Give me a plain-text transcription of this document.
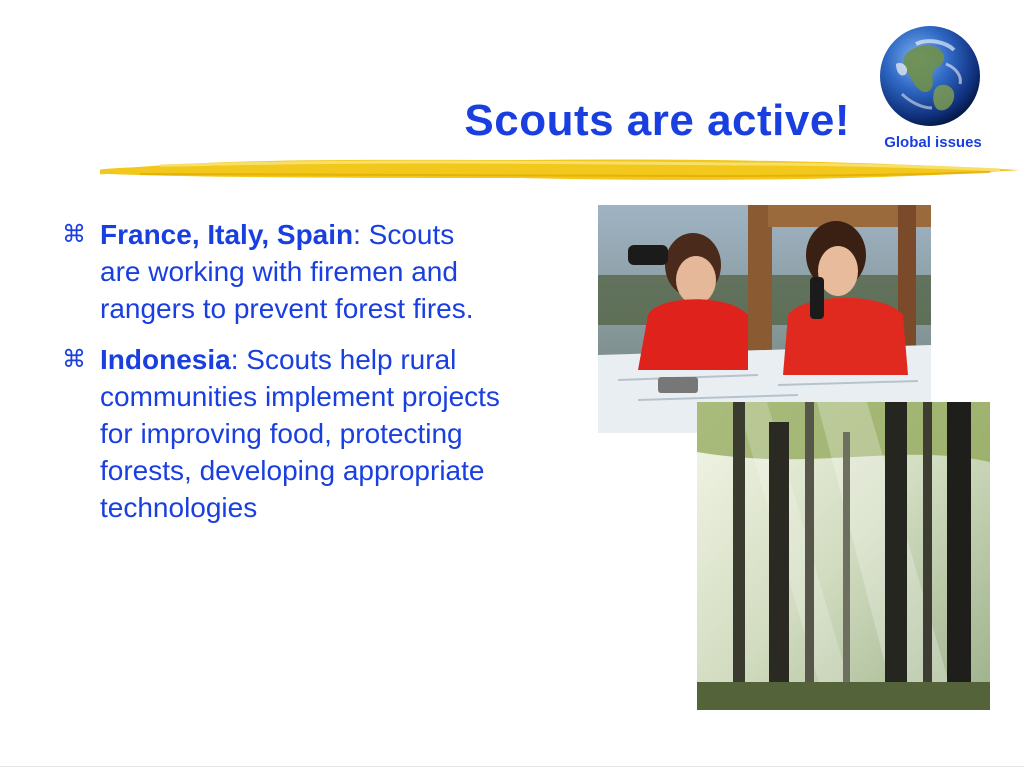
Scouts are active!	Global issues
⌘ France, Italy, Spain: Scouts are working with firemen and rangers to prevent forest fires.
⌘ Indonesia: Scouts help rural communities implement projects for improving food, protecting forests, developing appropriate technologies
